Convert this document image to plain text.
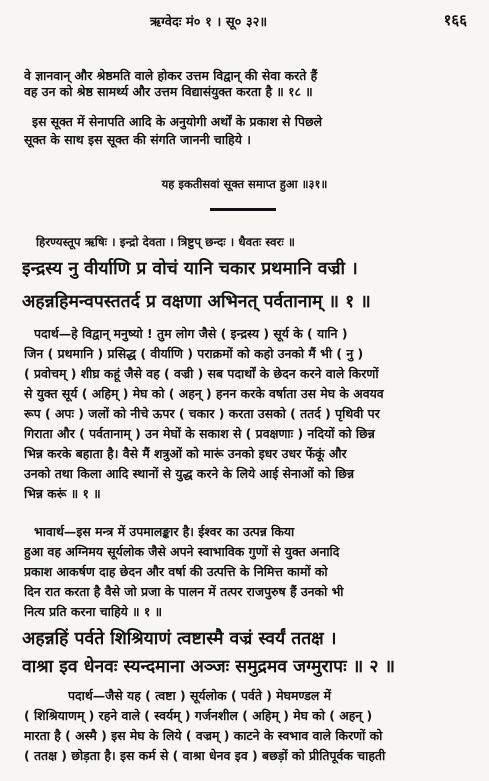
ऋग्वेदः मं० १ । सू० ३२॥	१६६
वे ज्ञानवान् और श्रेष्ठमति वाले होकर उत्तम विद्वान् की सेवा करते हैं
वह उन को श्रेष्ठ सामर्थ्य और उत्तम विद्यासंयुक्त करता है ॥ १८ ॥
इस सूक्त में सेनापति आदि के अनुयोगी अर्थों के प्रकाश से पिछले
सूक्त के साथ इस सूक्त की संगति जाननी चाहिये ।
यह इकतीसवां सूक्त समाप्त हुआ ॥३१॥
हिरण्यस्तूप ऋषिः । इन्द्रो देवता । त्रिष्टुप् छन्दः । धैवतः स्वरः ॥
इन्द्रस्य नु वीर्याणि प्र वोचं यानि चकार प्रथमानि वज्री ।
अहन्नहिमन्वपस्ततर्द प्र वक्षणा अभिनत् पर्वतानाम् ॥ १ ॥
पदार्थ—हे विद्वान् मनुष्यो ! तुम लोग जैसे ( इन्द्रस्य ) सूर्य के ( यानि )
जिन ( प्रथमानि ) प्रसिद्ध ( वीर्याणि ) पराक्रमों को कहो उनको मैं भी ( नु )
( प्रवोचम् ) शीघ्र कहूं जैसे वह ( वज्री ) सब पदार्थों के छेदन करने वाले किरणों
से युक्त सूर्य ( अहिम् ) मेघ को ( अहन् ) हनन करके वर्षाता उस मेघ के अवयव
रूप ( अपः ) जलों को नीचे ऊपर ( चकार ) करता उसको ( ततर्द ) पृथिवी पर
गिराता और ( पर्वतानाम् ) उन मेघों के सकाश से ( प्रवक्षणाः ) नदियों को छिन्न
भिन्न करके बहाता है। वैसे मैं शत्रुओं को मारूं उनको इधर उधर फेंकूं और
उनको तथा किला आदि स्थानों से युद्ध करने के लिये आई सेनाओं को छिन्न
भिन्न करूं ॥ १ ॥
भावार्थ—इस मन्त्र में उपमालङ्कार है। ईश्वर का उत्पन्न किया
हुआ वह अग्निमय सूर्यलोक जैसे अपने स्वाभाविक गुणों से युक्त अनादि
प्रकाश आकर्षण दाह छेदन और वर्षा की उत्पत्ति के निमित्त कामों को
दिन रात करता है वैसे जो प्रजा के पालन में तत्पर राजपुरुष हैं उनको भी
नित्य प्रति करना चाहिये ॥ १ ॥
अहन्नहिं पर्वते शिश्रियाणं त्वष्टास्मै वज्रं स्वर्यं ततक्ष ।
वाश्रा इव धेनवः स्यन्दमाना अञ्जः समुद्रमव जग्मुरापः ॥ २ ॥
पदार्थ—जैसे यह ( त्वष्टा ) सूर्यलोक ( पर्वते ) मेघमण्डल में
( शिश्रियाणम् ) रहने वाले ( स्वर्यम् ) गर्जनशील ( अहिम् ) मेघ को ( अहन् )
मारता है ( अस्मै ) इस मेघ के लिये ( वज्रम् ) काटने के स्वभाव वाले किरणों को
( ततक्ष ) छोड़ता है। इस कर्म से ( वाश्रा धेनव इव ) बछड़ों को प्रीतिपूर्वक चाहती
